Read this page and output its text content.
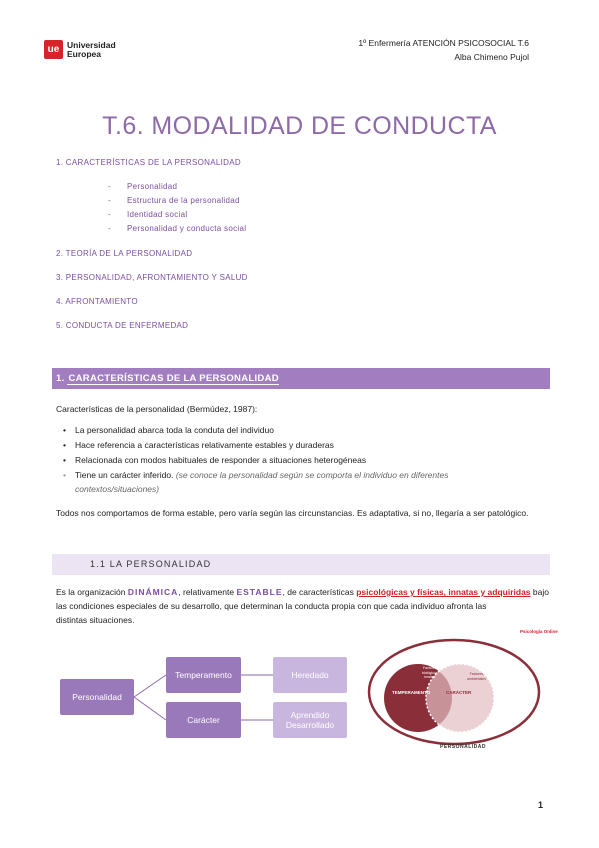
ue Universidad
Europea
1º Enfermería ATENCIÓN PSICOSOCIAL T.6
Alba Chimeno Pujol
T.6. MODALIDAD DE CONDUCTA
1. CARACTERÍSTICAS DE LA PERSONALIDAD
- Personalidad
- Estructura de la personalidad
- Identidad social
- Personalidad y conducta social
2. TEORÍA DE LA PERSONALIDAD
3. PERSONALIDAD, AFRONTAMIENTO Y SALUD
4. AFRONTAMIENTO
5. CONDUCTA DE ENFERMEDAD
1. CARACTERÍSTICAS DE LA PERSONALIDAD
Características de la personalidad (Bermúdez, 1987):
• La personalidad abarca toda la conduta del individuo
• Hace referencia a características relativamente estables y duraderas
• Relacionada con modos habituales de responder a situaciones heterogéneas
• Tiene un carácter inferido. (se conoce la personalidad según se comporta el individuo en diferentes
contextos/situaciones)
Todos nos comportamos de forma estable, pero varía según las circunstancias. Es adaptativa, si no, llegaría a ser patológico.
1.1 LA PERSONALIDAD
Es la organización DINÁMICA, relativamente ESTABLE, de características psicológicas y físicas, innatas y adquiridas bajo
las condiciones especiales de su desarrollo, que determinan la conducta propia con que cada individuo afronta las
distintas situaciones.
Personalidad
Temperamento
Carácter
Heredado
Aprendido
Desarrollado
Psicología Online
Factores
biológicos
innatos
TEMPERAMENTO	CARÁCTER
Factores
ambientales
PERSONALIDAD
1
